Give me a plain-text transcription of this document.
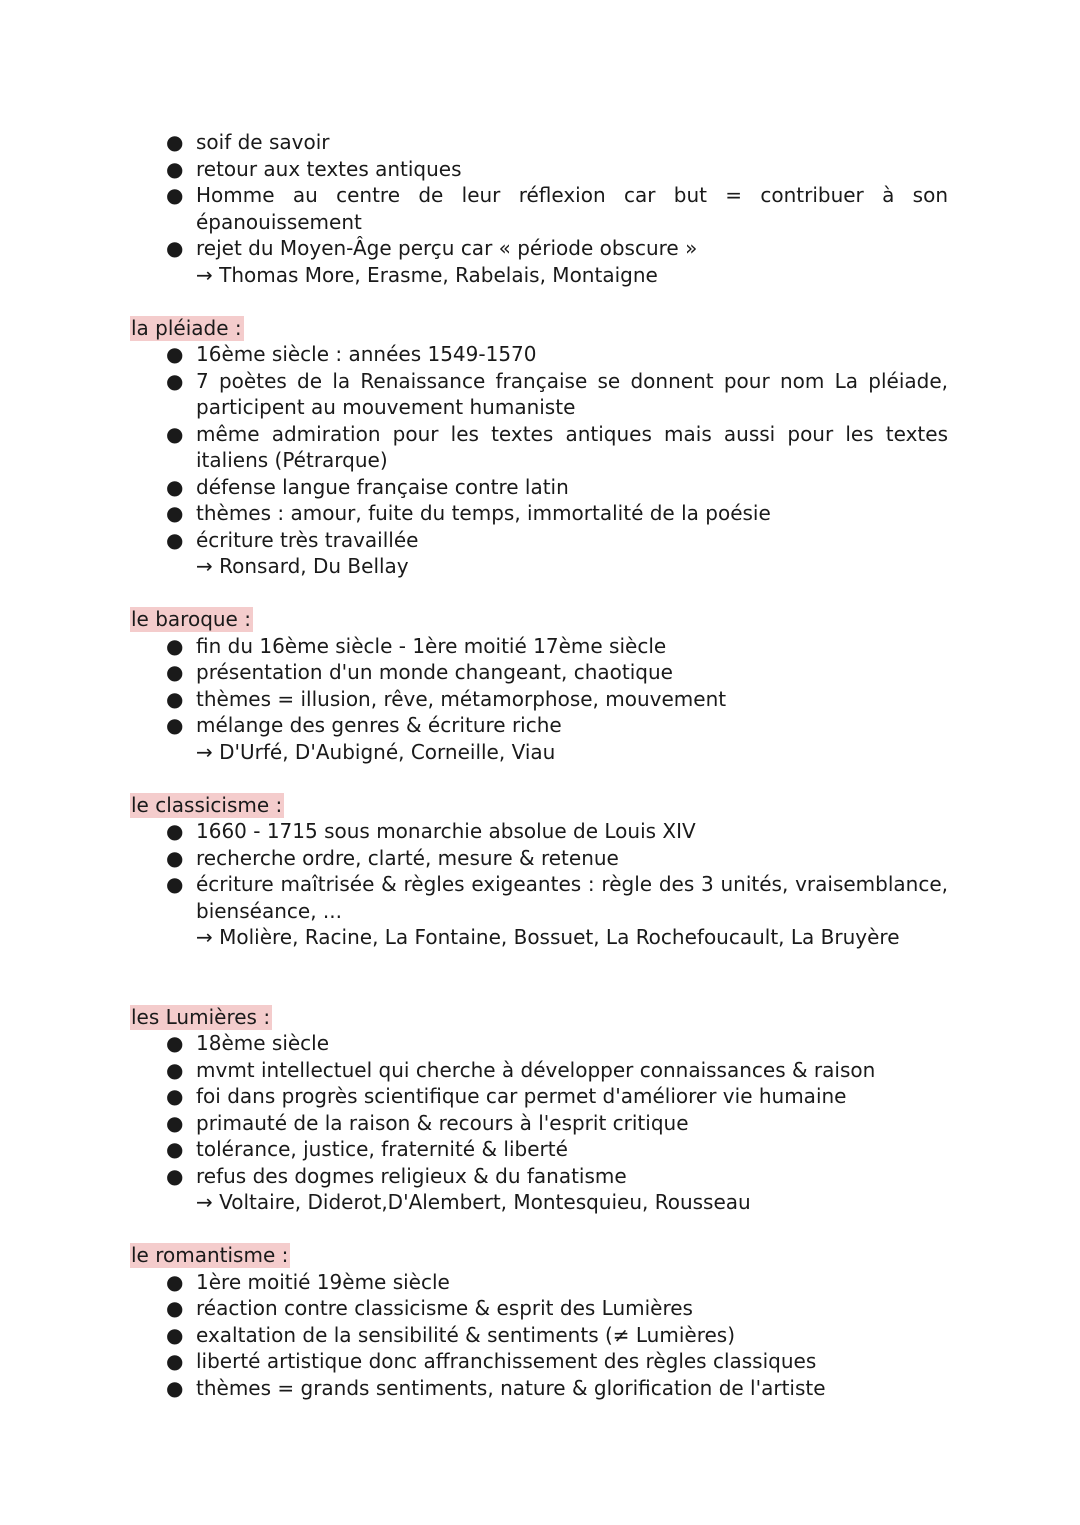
● soif de savoir
● retour aux textes antiques
● Homme au centre de leur réflexion car but = contribuer à son épanouissement
● rejet du Moyen-Âge perçu car « période obscure »
→ Thomas More, Erasme, Rabelais, Montaigne
la pléiade :
● 16ème siècle : années 1549-1570
● 7 poètes de la Renaissance française se donnent pour nom La pléiade, participent au mouvement humaniste
● même admiration pour les textes antiques mais aussi pour les textes italiens (Pétrarque)
● défense langue française contre latin
● thèmes : amour, fuite du temps, immortalité de la poésie
● écriture très travaillée
→ Ronsard, Du Bellay
le baroque :
● fin du 16ème siècle - 1ère moitié 17ème siècle
● présentation d'un monde changeant, chaotique
● thèmes = illusion, rêve, métamorphose, mouvement
● mélange des genres & écriture riche
→ D'Urfé, D'Aubigné, Corneille, Viau
le classicisme :
● 1660 - 1715 sous monarchie absolue de Louis XIV
● recherche ordre, clarté, mesure & retenue
● écriture maîtrisée & règles exigeantes : règle des 3 unités, vraisemblance, bienséance, ...
→ Molière, Racine, La Fontaine, Bossuet, La Rochefoucault, La Bruyère
les Lumières :
● 18ème siècle
● mvmt intellectuel qui cherche à développer connaissances & raison
● foi dans progrès scientifique car permet d'améliorer vie humaine
● primauté de la raison & recours à l'esprit critique
● tolérance, justice, fraternité & liberté
● refus des dogmes religieux & du fanatisme
→ Voltaire, Diderot,D'Alembert, Montesquieu, Rousseau
le romantisme :
● 1ère moitié 19ème siècle
● réaction contre classicisme & esprit des Lumières
● exaltation de la sensibilité & sentiments (≠ Lumières)
● liberté artistique donc affranchissement des règles classiques
● thèmes = grands sentiments, nature & glorification de l'artiste
